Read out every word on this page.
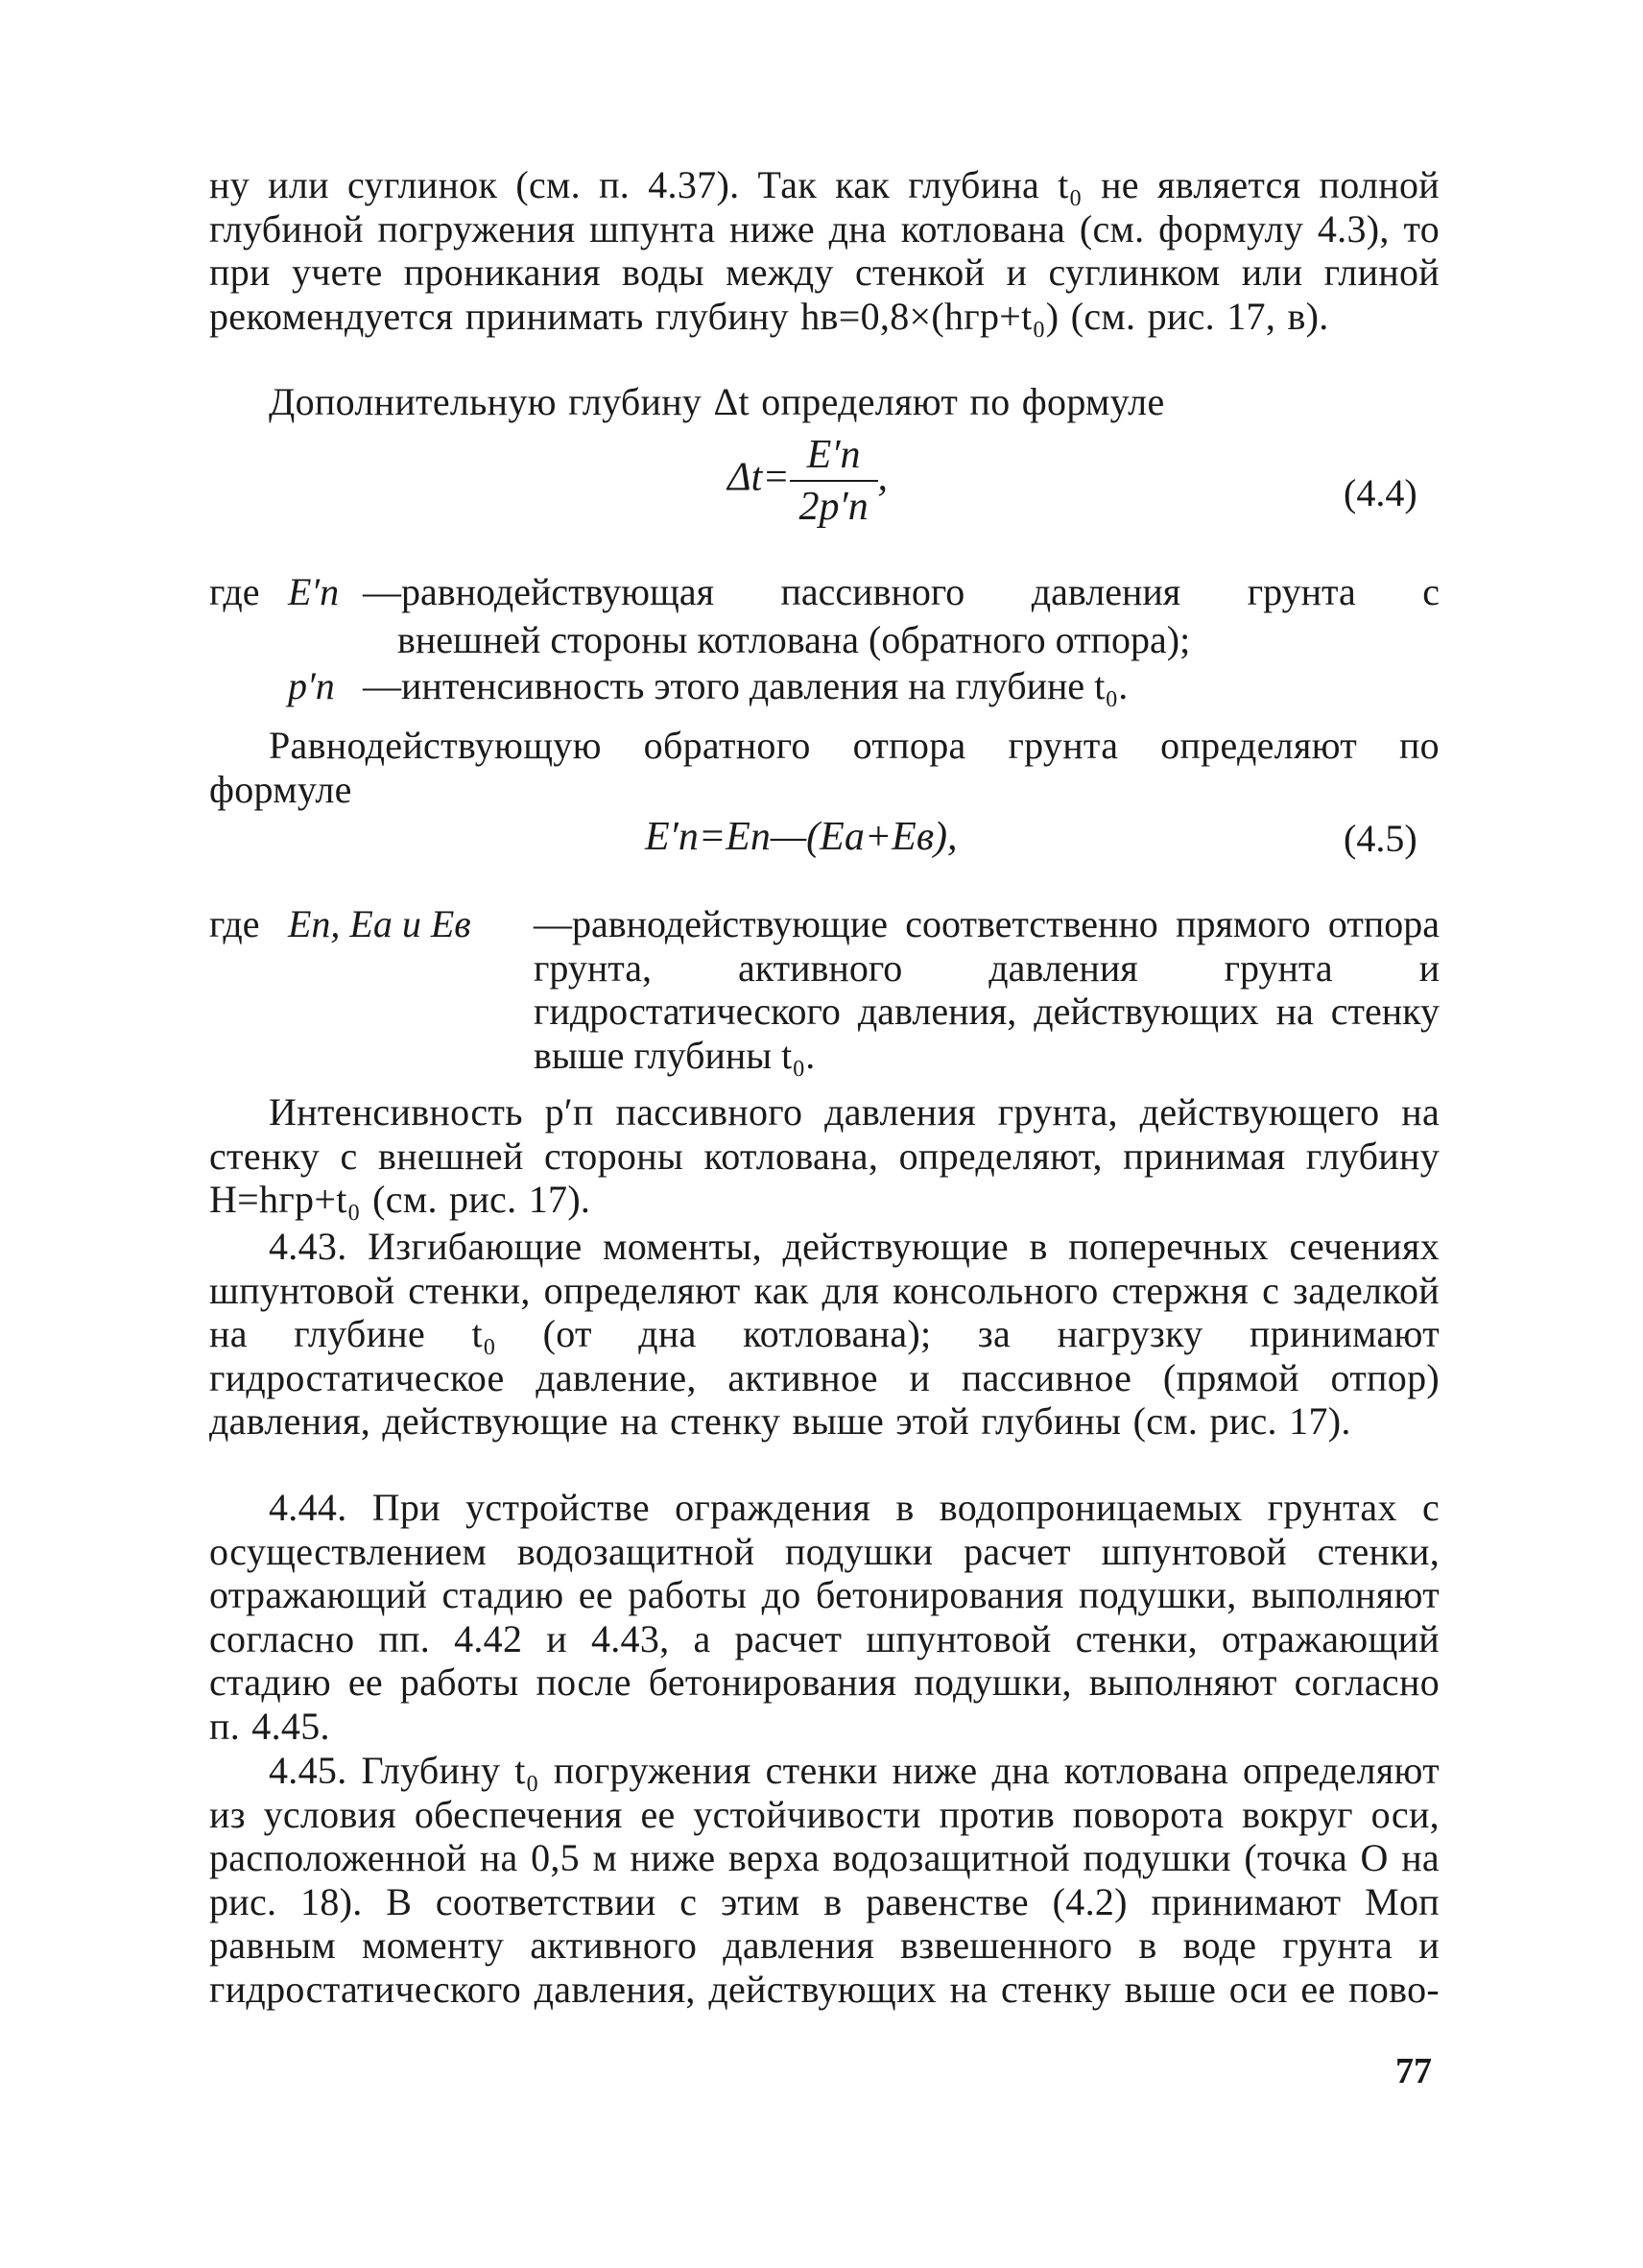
ну или суглинок (см. п. 4.37). Так как глубина t₀ не является полной глубиной погружения шпунта ниже дна котлована (см. формулу 4.3), то при учете проникания воды между стенкой и суглинком или глиной рекомендуется принимать глубину hв=0,8×(hгр+t₀) (см. рис. 17, в).

Дополнительную глубину Δt определяют по формуле

$\Delta t= \frac{E'п}{2p'п}$ ,	(4.4)
где E′п —равнодействующая пассивного давления грунта с
внешней стороны котлована (обратного отпора);
p′п —интенсивность этого давления на глубине t₀.

Равнодействующую обратного отпора грунта определяют по формуле

E′п=Eп—(Eа+Eв),	(4.5)
где Eп, Eа и Eв —равнодействующие соответственно прямого отпора грунта, активного давления грунта и гидростатического давления, действующих на стенку выше глубины t₀.

Интенсивность p′п пассивного давления грунта, действующего на стенку с внешней стороны котлована, определяют, принимая глубину H=hгр+t₀ (см. рис. 17).

4.43. Изгибающие моменты, действующие в поперечных сечениях шпунтовой стенки, определяют как для консольного стержня с заделкой на глубине t₀ (от дна котлована); за нагрузку принимают гидростатическое давление, активное и пассивное (прямой отпор) давления, действующие на стенку выше этой глубины (см. рис. 17).

4.44. При устройстве ограждения в водопроницаемых грунтах с осуществлением водозащитной подушки расчет шпунтовой стенки, отражающий стадию ее работы до бетонирования подушки, выполняют согласно пп. 4.42 и 4.43, а расчет шпунтовой стенки, отражающий стадию ее работы после бетонирования подушки, выполняют согласно п. 4.45.

4.45. Глубину t₀ погружения стенки ниже дна котлована определяют из условия обеспечения ее устойчивости против поворота вокруг оси, расположенной на 0,5 м ниже верха водозащитной подушки (точка O на рис. 18). В соответствии с этим в равенстве (4.2) принимают Mоп равным моменту активного давления взвешенного в воде грунта и гидростатического давления, действующих на стенку выше оси ее пово-

77
